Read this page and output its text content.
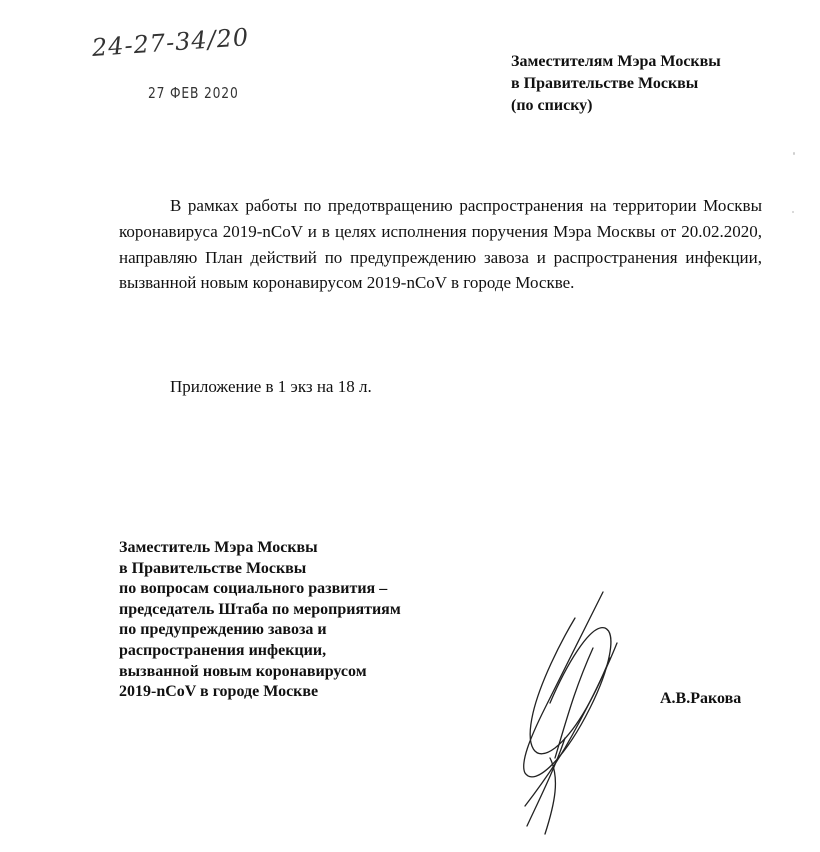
24-27-34/20
27 ФЕВ 2020
Заместителям Мэра Москвы
в Правительстве Москвы
(по списку)

В рамках работы по предотвращению распространения на территории Москвы коронавируса 2019-nCoV и в целях исполнения поручения Мэра Москвы от 20.02.2020, направляю План действий по предупреждению завоза и распространения инфекции, вызванной новым коронавирусом 2019-nCoV в городе Москве.

Приложение в 1 экз на 18 л.
Заместитель Мэра Москвы
в Правительстве Москвы
по вопросам социального развития –
председатель Штаба по мероприятиям
по предупреждению завоза и
распространения инфекции,
вызванной новым коронавирусом
2019-nCoV в городе Москве	А.В.Ракова
